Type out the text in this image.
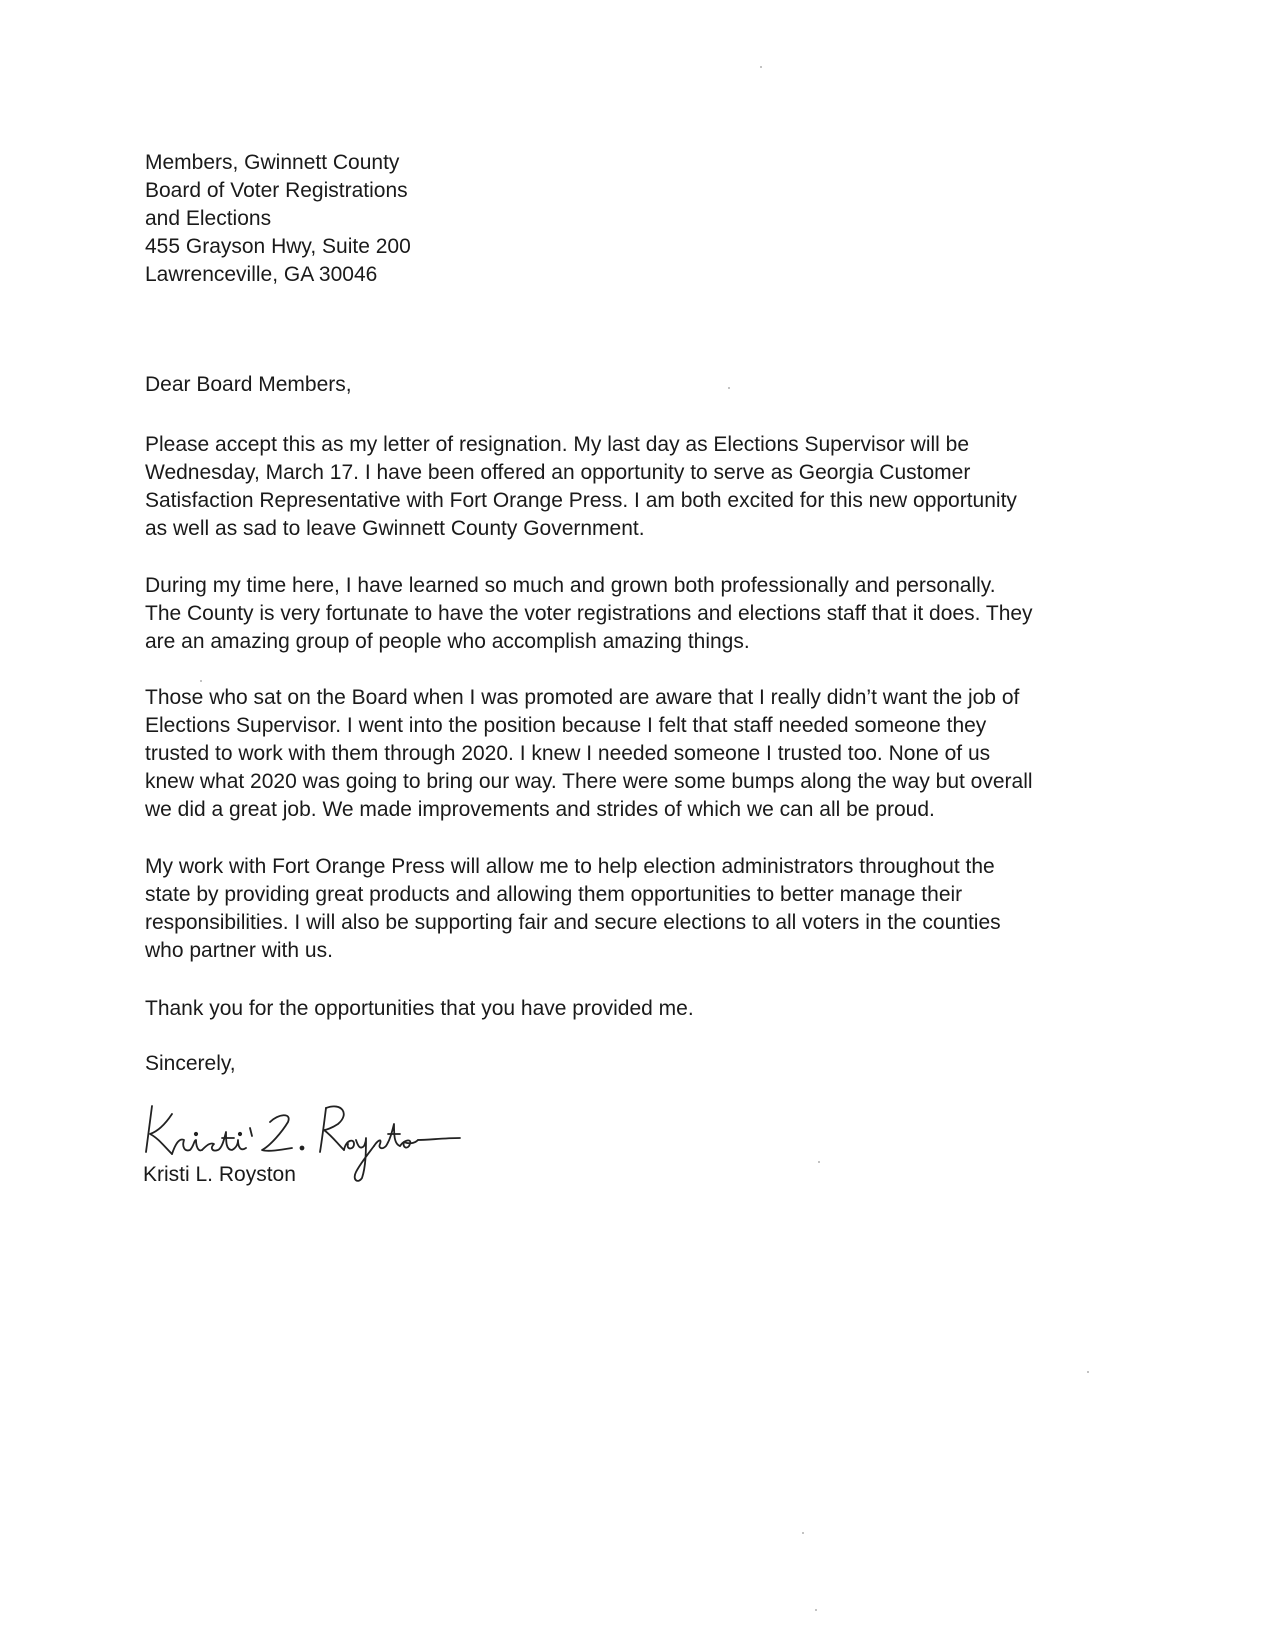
Members, Gwinnett County
Board of Voter Registrations
and Elections
455 Grayson Hwy, Suite 200
Lawrenceville, GA 30046
Dear Board Members,
Please accept this as my letter of resignation. My last day as Elections Supervisor will be
Wednesday, March 17. I have been offered an opportunity to serve as Georgia Customer
Satisfaction Representative with Fort Orange Press. I am both excited for this new opportunity
as well as sad to leave Gwinnett County Government.
During my time here, I have learned so much and grown both professionally and personally.
The County is very fortunate to have the voter registrations and elections staff that it does. They
are an amazing group of people who accomplish amazing things.
Those who sat on the Board when I was promoted are aware that I really didn’t want the job of
Elections Supervisor. I went into the position because I felt that staff needed someone they
trusted to work with them through 2020. I knew I needed someone I trusted too. None of us
knew what 2020 was going to bring our way. There were some bumps along the way but overall
we did a great job. We made improvements and strides of which we can all be proud.
My work with Fort Orange Press will allow me to help election administrators throughout the
state by providing great products and allowing them opportunities to better manage their
responsibilities. I will also be supporting fair and secure elections to all voters in the counties
who partner with us.
Thank you for the opportunities that you have provided me.
Sincerely,
Kristi L. Royston
